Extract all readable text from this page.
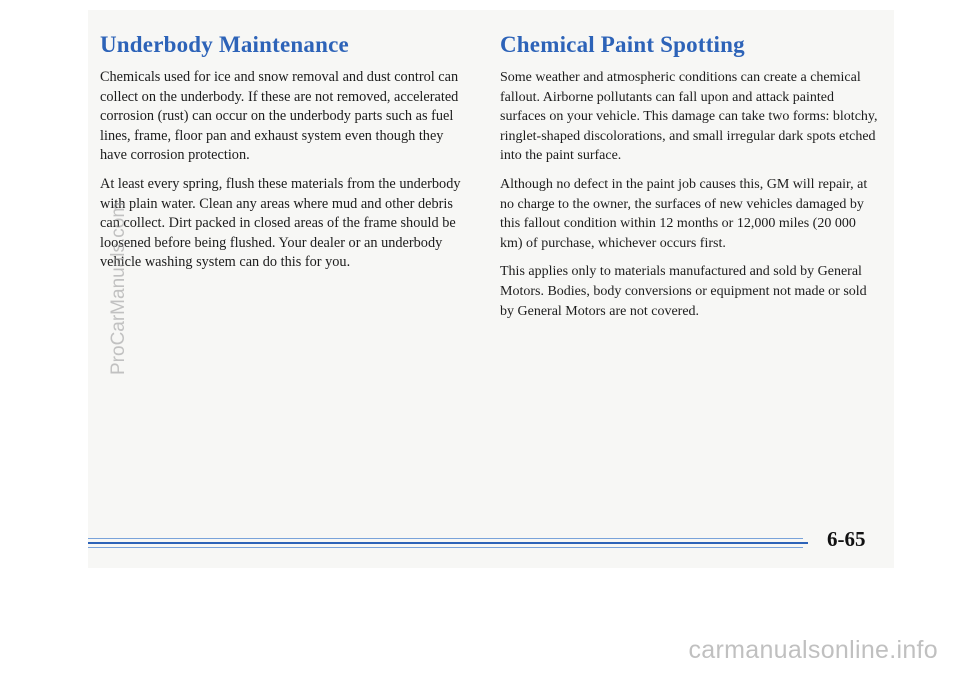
Underbody Maintenance

Chemicals used for ice and snow removal and dust control can collect on the underbody. If these are not removed, accelerated corrosion (rust) can occur on the underbody parts such as fuel lines, frame, floor pan and exhaust system even though they have corrosion protection.

At least every spring, flush these materials from the underbody with plain water. Clean any areas where mud and other debris can collect. Dirt packed in closed areas of the frame should be loosened before being flushed. Your dealer or an underbody vehicle washing system can do this for you.

Chemical Paint Spotting

Some weather and atmospheric conditions can create a chemical fallout. Airborne pollutants can fall upon and attack painted surfaces on your vehicle. This damage can take two forms: blotchy, ringlet-shaped discolorations, and small irregular dark spots etched into the paint surface.

Although no defect in the paint job causes this, GM will repair, at no charge to the owner, the surfaces of new vehicles damaged by this fallout condition within 12 months or 12,000 miles (20 000 km) of purchase, whichever occurs first.

This applies only to materials manufactured and sold by General Motors. Bodies, body conversions or equipment not made or sold by General Motors are not covered.

6-65
ProCarManuals.com
carmanualsonline.info
